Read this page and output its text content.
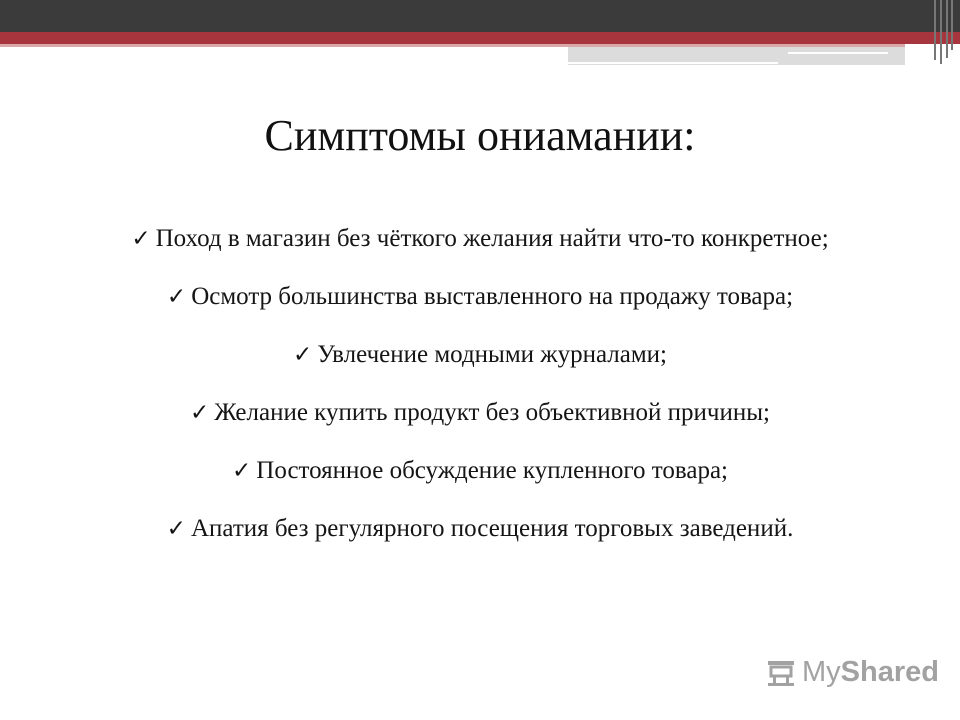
Симптомы ониамании:
✓ Поход в магазин без чёткого желания найти что-то конкретное;
✓ Осмотр большинства выставленного на продажу товара;
✓ Увлечение модными журналами;
✓ Желание купить продукт без объективной причины;
✓ Постоянное обсуждение купленного товара;
✓ Апатия без регулярного посещения торговых заведений.
My Shared
